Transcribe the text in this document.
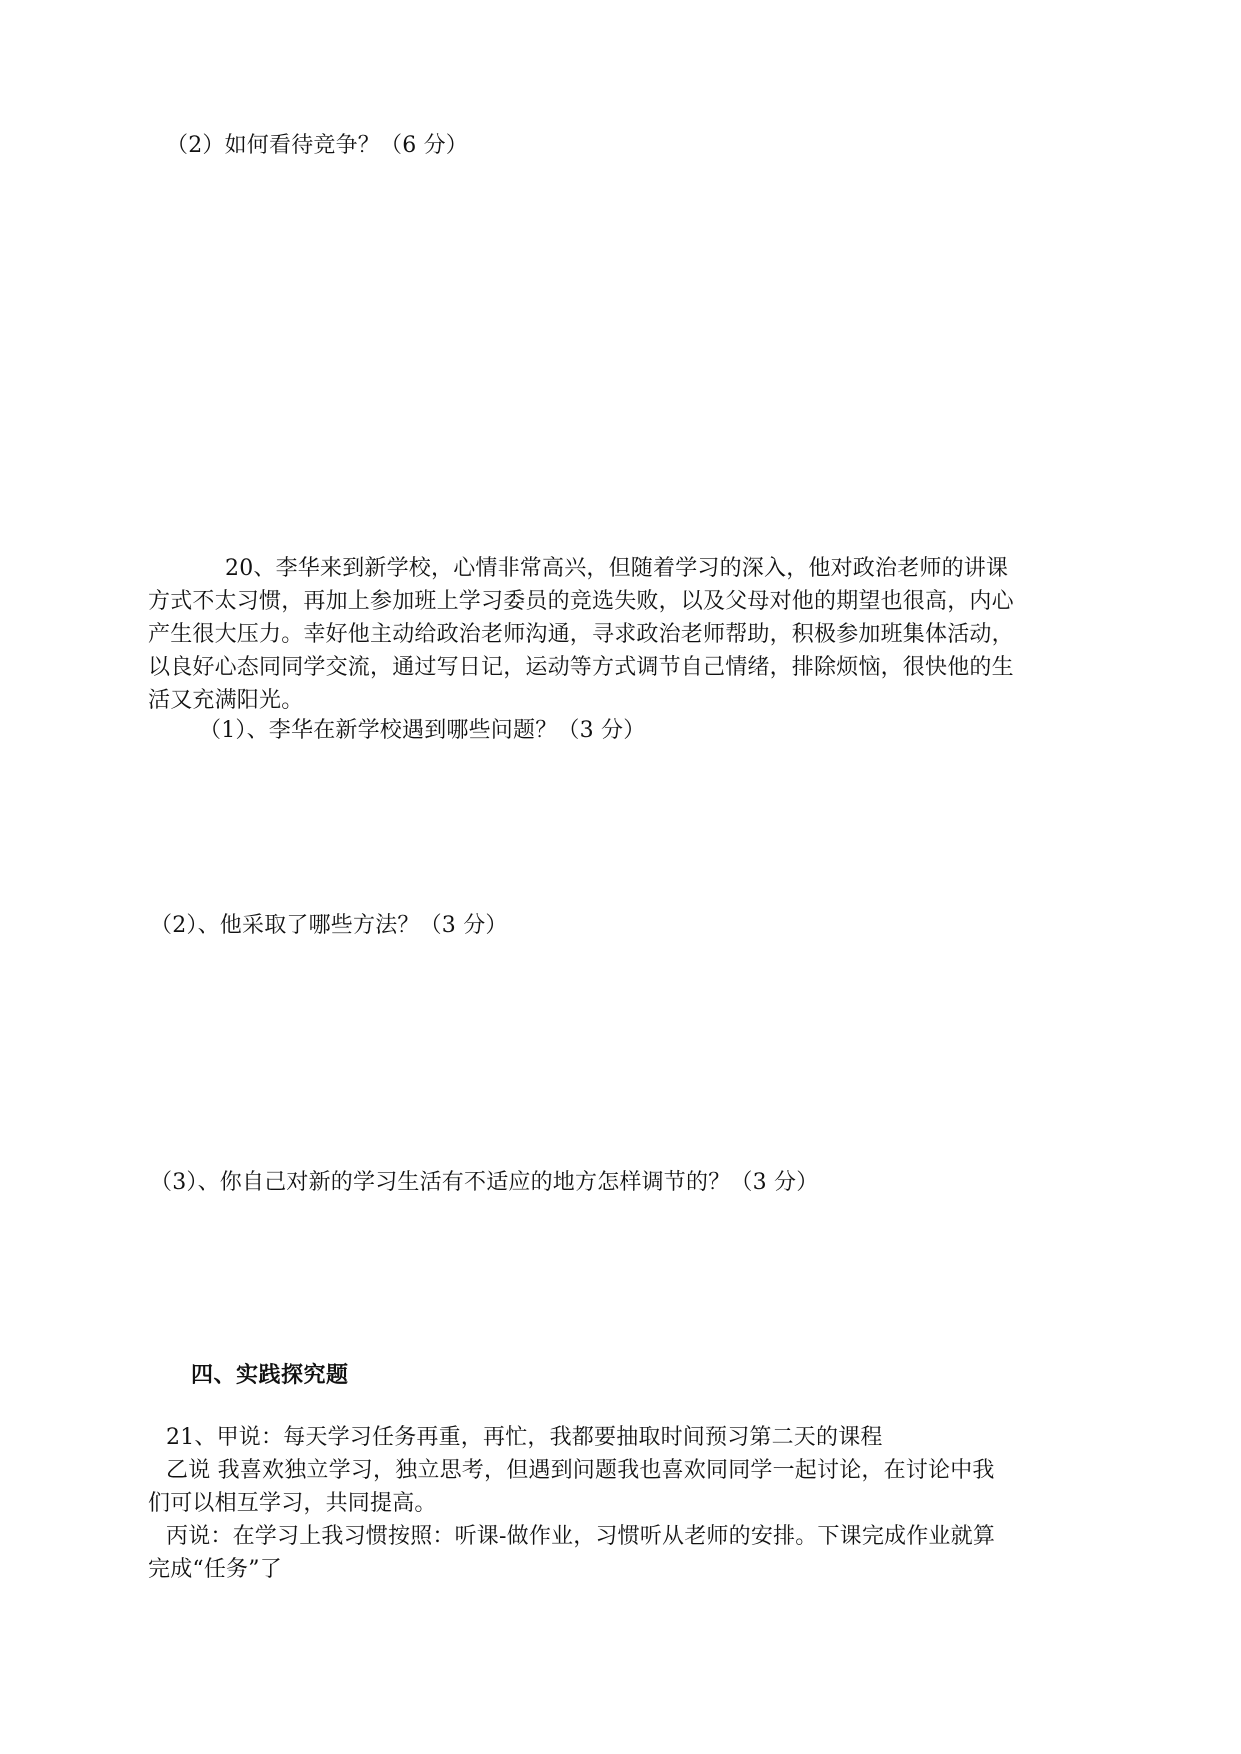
（2）如何看待竞争？（6 分）
20、李华来到新学校，心情非常高兴，但随着学习的深入，他对政治老师的讲课
方式不太习惯，再加上参加班上学习委员的竞选失败，以及父母对他的期望也很高，内心
产生很大压力。幸好他主动给政治老师沟通，寻求政治老师帮助，积极参加班集体活动，
以良好心态同同学交流，通过写日记，运动等方式调节自己情绪，排除烦恼，很快他的生
活又充满阳光。
（1）、李华在新学校遇到哪些问题？（3 分）
（2）、他采取了哪些方法？（3 分）
（3）、你自己对新的学习生活有不适应的地方怎样调节的？（3 分）
四、实践探究题
21、甲说：每天学习任务再重，再忙，我都要抽取时间预习第二天的课程
乙说 我喜欢独立学习，独立思考，但遇到问题我也喜欢同同学一起讨论，在讨论中我
们可以相互学习，共同提高。
丙说：在学习上我习惯按照：听课-做作业，习惯听从老师的安排。下课完成作业就算
完成“任务”了
